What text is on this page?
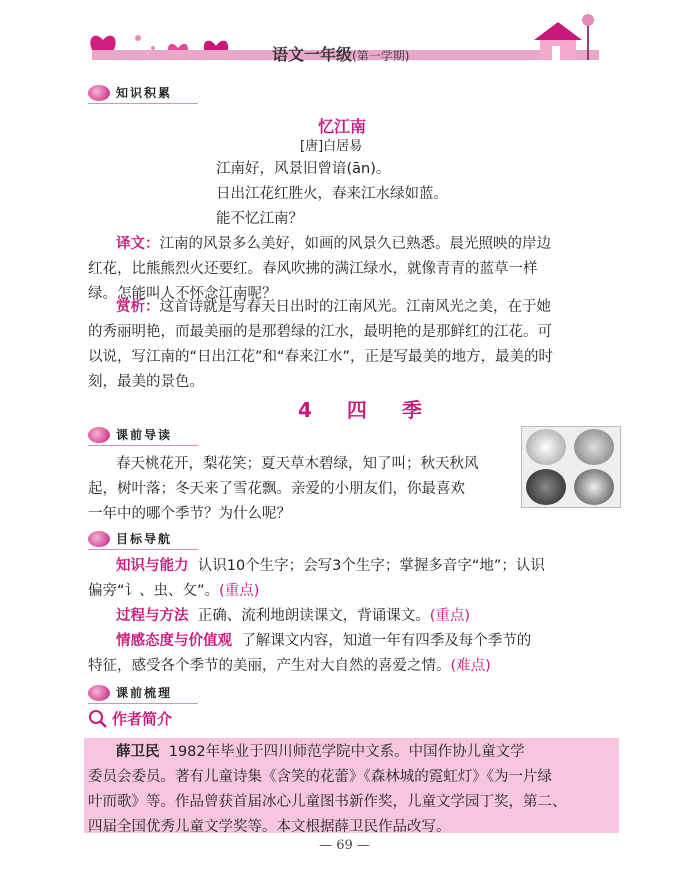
语文一年级(第一学期)
知识积累
忆江南
[唐]白居易
江南好，风景旧曾谙(ān)。
日出江花红胜火，春来江水绿如蓝。
能不忆江南？
译文：江南的风景多么美好，如画的风景久已熟悉。晨光照映的岸边
红花，比熊熊烈火还要红。春风吹拂的满江绿水，就像青青的蓝草一样
绿。怎能叫人不怀念江南呢？
赏析：这首诗就是写春天日出时的江南风光。江南风光之美，在于她
的秀丽明艳，而最美丽的是那碧绿的江水，最明艳的是那鲜红的江花。可
以说，写江南的“日出江花”和“春来江水”，正是写最美的地方，最美的时
刻，最美的景色。
4 四 季
课前导读
春天桃花开，梨花笑；夏天草木碧绿，知了叫；秋天秋风
起，树叶落；冬天来了雪花飘。亲爱的小朋友们，你最喜欢
一年中的哪个季节？为什么呢？
目标导航
知识与能力 认识10个生字；会写3个生字；掌握多音字“地”；认识
偏旁“讠、虫、攵”。(重点)
过程与方法 正确、流利地朗读课文，背诵课文。(重点)
情感态度与价值观 了解课文内容，知道一年有四季及每个季节的
特征，感受各个季节的美丽，产生对大自然的喜爱之情。(难点)
课前梳理
作者简介
薛卫民 1982年毕业于四川师范学院中文系。中国作协儿童文学
委员会委员。著有儿童诗集《含笑的花蕾》《森林城的霓虹灯》《为一片绿
叶而歌》等。作品曾获首届冰心儿童图书新作奖，儿童文学园丁奖，第二、
四届全国优秀儿童文学奖等。本文根据薛卫民作品改写。
— 69 —
